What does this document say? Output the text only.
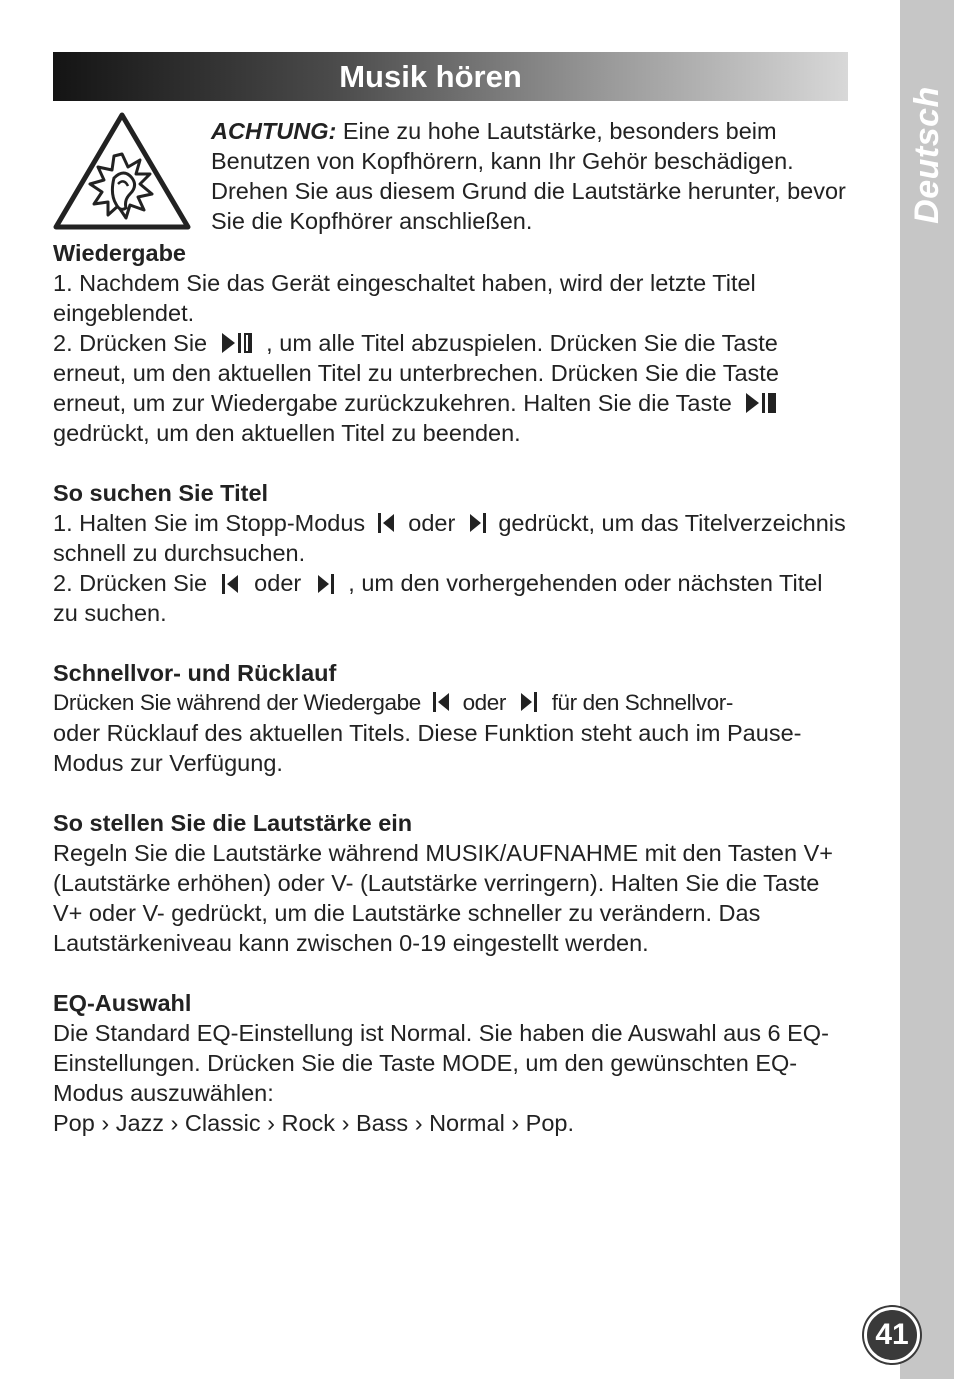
Deutsch
41
Musik hören

ACHTUNG: Eine zu hohe Lautstärke, besonders beim Benutzen von Kopfhörern, kann Ihr Gehör beschädigen. Drehen Sie aus diesem Grund die Lautstärke herunter, bevor Sie die Kopfhörer anschließen.

Wiedergabe

1. Nachdem Sie das Gerät eingeschaltet haben, wird der letzte Titel eingeblendet.

2. Drücken Sie  , um alle Titel abzuspielen. Drücken Sie die Taste erneut, um den aktuellen Titel zu unterbrechen. Drücken Sie die Taste erneut, um zur Wiedergabe zurückzukehren. Halten Sie die Taste
gedrückt, um den aktuellen Titel zu beenden.

So suchen Sie Titel

1. Halten Sie im Stopp-Modus  oder  gedrückt, um das Titelverzeichnis schnell zu durchsuchen.

2. Drücken Sie  oder  , um den vorhergehenden oder nächsten Titel zu suchen.

Schnellvor- und Rücklauf

Drücken Sie während der Wiedergabe  oder  für den Schnellvor-

oder Rücklauf des aktuellen Titels. Diese Funktion steht auch im Pause-Modus zur Verfügung.

So stellen Sie die Lautstärke ein

Regeln Sie die Lautstärke während MUSIK/AUFNAHME mit den Tasten V+ (Lautstärke erhöhen) oder V- (Lautstärke verringern). Halten Sie die Taste V+ oder V- gedrückt, um die Lautstärke schneller zu verändern. Das Lautstärkeniveau kann zwischen 0-19 eingestellt werden.

EQ-Auswahl

Die Standard EQ-Einstellung ist Normal. Sie haben die Auswahl aus 6 EQ-Einstellungen. Drücken Sie die Taste MODE, um den gewünschten EQ-Modus auszuwählen:

Pop › Jazz › Classic › Rock › Bass › Normal › Pop.
